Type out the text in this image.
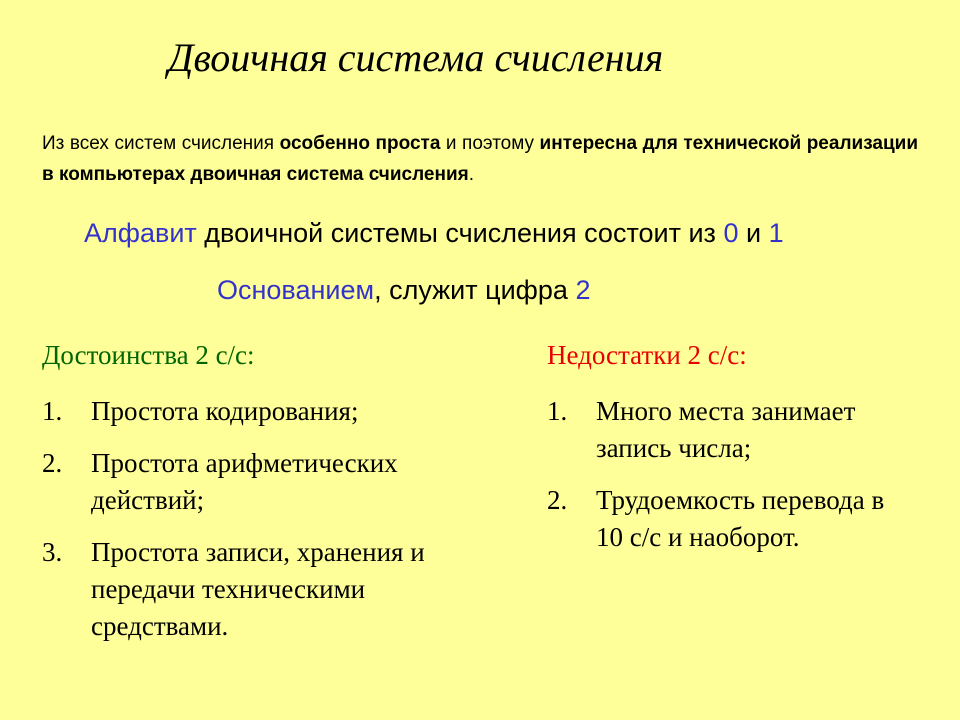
Двоичная система счисления

Из всех систем счисления особенно проста и поэтому интересна для технической реализации в компьютерах двоичная система счисления.

Алфавит двоичной системы счисления состоит из 0 и 1
Основанием, служит цифра 2
Достоинства 2 с/с:	Недостатки 2 с/с:
1. Простота кодирования;
2. Простота арифметических действий;
3. Простота записи, хранения и передачи техническими средствами.
1. Много места занимает запись числа;
2. Трудоемкость перевода в 10 с/с и наоборот.
